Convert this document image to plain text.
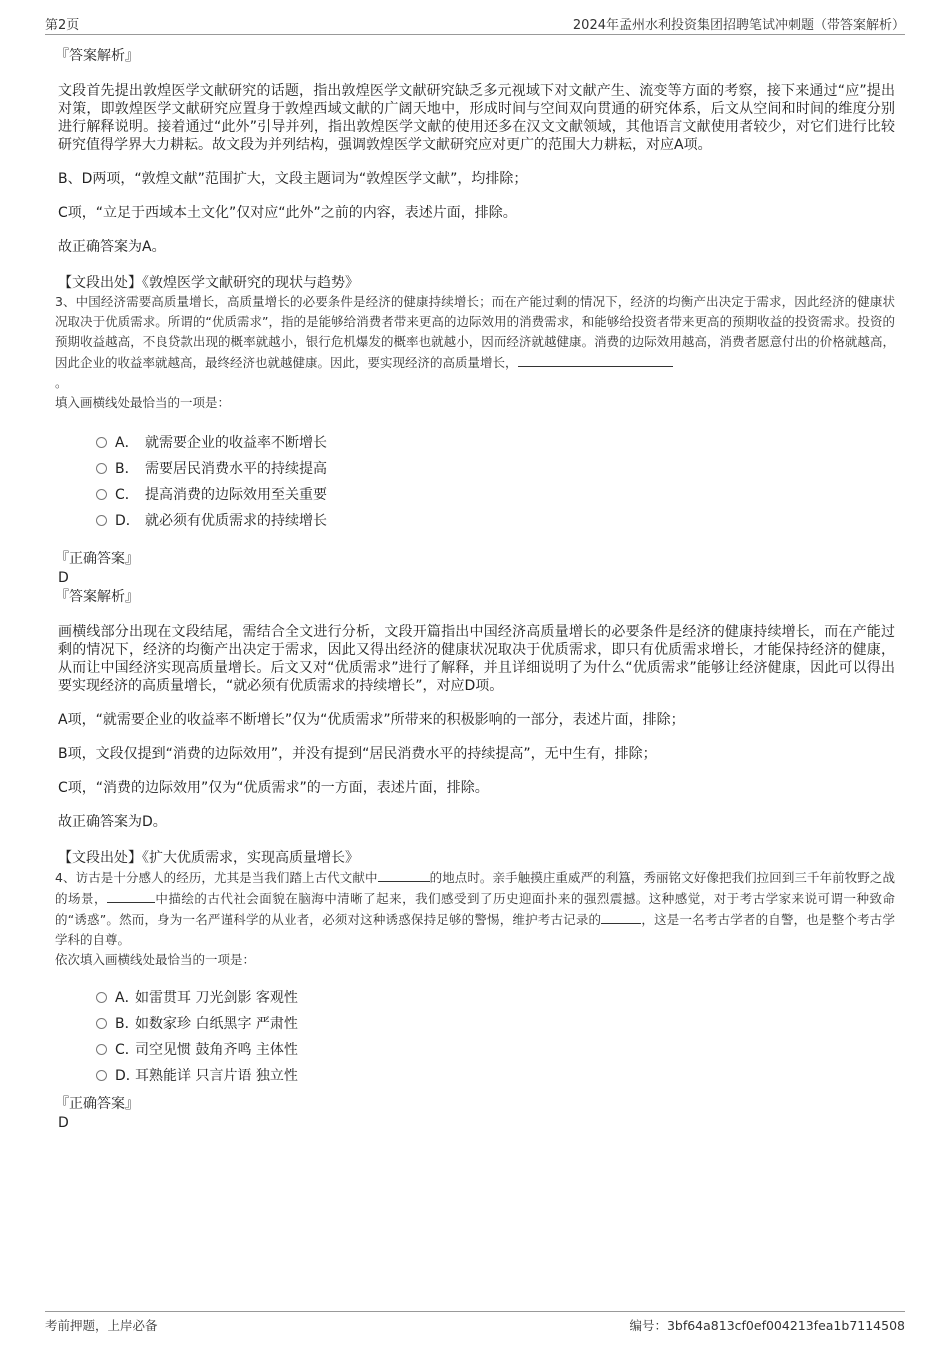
第2页	2024年孟州水利投资集团招聘笔试冲刺题（带答案解析）

『答案解析』

文段首先提出敦煌医学文献研究的话题，指出敦煌医学文献研究缺乏多元视域下对文献产生、流变等方面的考察，接下来通过“应”提出对策，即敦煌医学文献研究应置身于敦煌西域文献的广阔天地中，形成时间与空间双向贯通的研究体系，后文从空间和时间的维度分别进行解释说明。接着通过“此外”引导并列，指出敦煌医学文献的使用还多在汉文文献领域，其他语言文献使用者较少，对它们进行比较研究值得学界大力耕耘。故文段为并列结构，强调敦煌医学文献研究应对更广的范围大力耕耘，对应A项。

B、D两项，“敦煌文献”范围扩大，文段主题词为“敦煌医学文献”，均排除；

C项，“立足于西域本土文化”仅对应“此外”之前的内容，表述片面，排除。

故正确答案为A。

【文段出处】《敦煌医学文献研究的现状与趋势》

3、中国经济需要高质量增长，高质量增长的必要条件是经济的健康持续增长；而在产能过剩的情况下，经济的均衡产出决定于需求，因此经济的健康状况取决于优质需求。所谓的“优质需求”，指的是能够给消费者带来更高的边际效用的消费需求，和能够给投资者带来更高的预期收益的投资需求。投资的预期收益越高，不良贷款出现的概率就越小，银行危机爆发的概率也就越小，因而经济就越健康。消费的边际效用越高，消费者愿意付出的价格就越高，因此企业的收益率就越高，最终经济也就越健康。因此，要实现经济的高质量增长，
。

填入画横线处最恰当的一项是：

A． 就需要企业的收益率不断增长
B． 需要居民消费水平的持续提高
C． 提高消费的边际效用至关重要
D． 就必须有优质需求的持续增长

『正确答案』

D

『答案解析』

画横线部分出现在文段结尾，需结合全文进行分析，文段开篇指出中国经济高质量增长的必要条件是经济的健康持续增长，而在产能过剩的情况下，经济的均衡产出决定于需求，因此又得出经济的健康状况取决于优质需求，即只有优质需求增长，才能保持经济的健康，从而让中国经济实现高质量增长。后文又对“优质需求”进行了解释，并且详细说明了为什么“优质需求”能够让经济健康，因此可以得出要实现经济的高质量增长，“就必须有优质需求的持续增长”，对应D项。

A项，“就需要企业的收益率不断增长”仅为“优质需求”所带来的积极影响的一部分，表述片面，排除；

B项，文段仅提到“消费的边际效用”，并没有提到“居民消费水平的持续提高”，无中生有，排除；

C项，“消费的边际效用”仅为“优质需求”的一方面，表述片面，排除。

故正确答案为D。

【文段出处】《扩大优质需求，实现高质量增长》

4、访古是十分感人的经历，尤其是当我们踏上古代文献中	的地点时。亲手触摸庄重威严的利簋，秀丽铭文好像把我们拉回到三千年前牧野之战的场景，	中描绘的古代社会面貌在脑海中清晰了起来，我们感受到了历史迎面扑来的强烈震撼。这种感觉，对于考古学家来说可谓一种致命的“诱惑”。然而，身为一名严谨科学的从业者，必须对这种诱惑保持足够的警惕，维护考古记录的	，这是一名考古学者的自警，也是整个考古学学科的自尊。

依次填入画横线处最恰当的一项是：

A．
如雷贯耳 刀光剑影 客观性
B．
如数家珍 白纸黑字 严肃性
C．
司空见惯 鼓角齐鸣 主体性
D．
耳熟能详 只言片语 独立性

『正确答案』

D

考前押题，上岸必备	编号：3bf64a813cf0ef004213fea1b7114508
